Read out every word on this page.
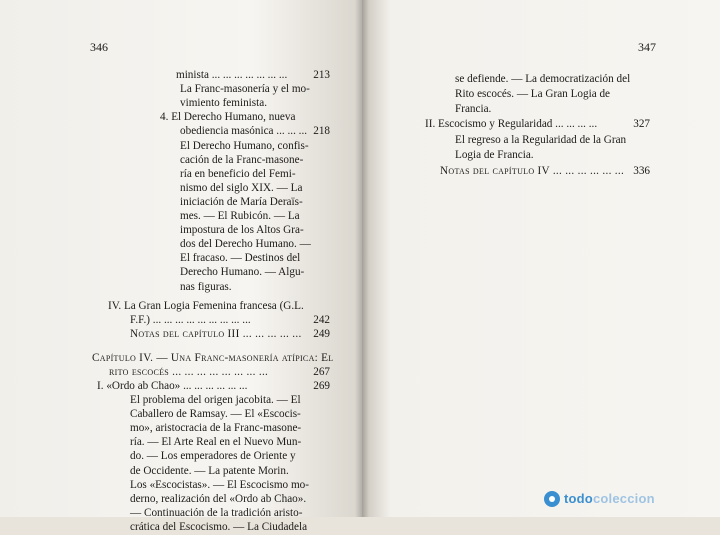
346
minista ... ... ... ... ... ... ...	213
La Franc-masonería y el mo-
vimiento feminista.
4. El Derecho Humano, nueva
obediencia masónica ... ... ... 218
El Derecho Humano, confis-
cación de la Franc-masone-
ría en beneficio del Femi-
nismo del siglo XIX. — La
iniciación de María Deraïs-
mes. — El Rubicón. — La
impostura de los Altos Gra-
dos del Derecho Humano. —
El fracaso. — Destinos del
Derecho Humano. — Algu-
nas figuras.
IV. La Gran Logia Femenina francesa (G.L.
F.F.) ... ... ... ... ... ... ... ... ...	242
Notas del capítulo III ... ... ... ... ...	249
Capítulo IV. — Una Franc-masonería atípica: El
rito escocés ... ... ... ... ... ... ... ...	267
I. «Ordo ab Chao» ... ... ... ... ... ...	269
El problema del origen jacobita. — El
Caballero de Ramsay. — El «Escocis-
mo», aristocracia de la Franc-masone-
ría. — El Arte Real en el Nuevo Mun-
do. — Los emperadores de Oriente y
de Occidente. — La patente Morin.
Los «Escocistas». — El Escocismo mo-
derno, realización del «Ordo ab Chao».
— Continuación de la tradición aristo-
crática del Escocismo. — La Ciudadela
347
se defiende. — La democratización del
Rito escocés. — La Gran Logia de
Francia.
II. Escocismo y Regularidad ... ... ... ...	327
El regreso a la Regularidad de la Gran
Logia de Francia.
Notas del capítulo IV ... ... ... ... ... ... 336
todocoleccion
